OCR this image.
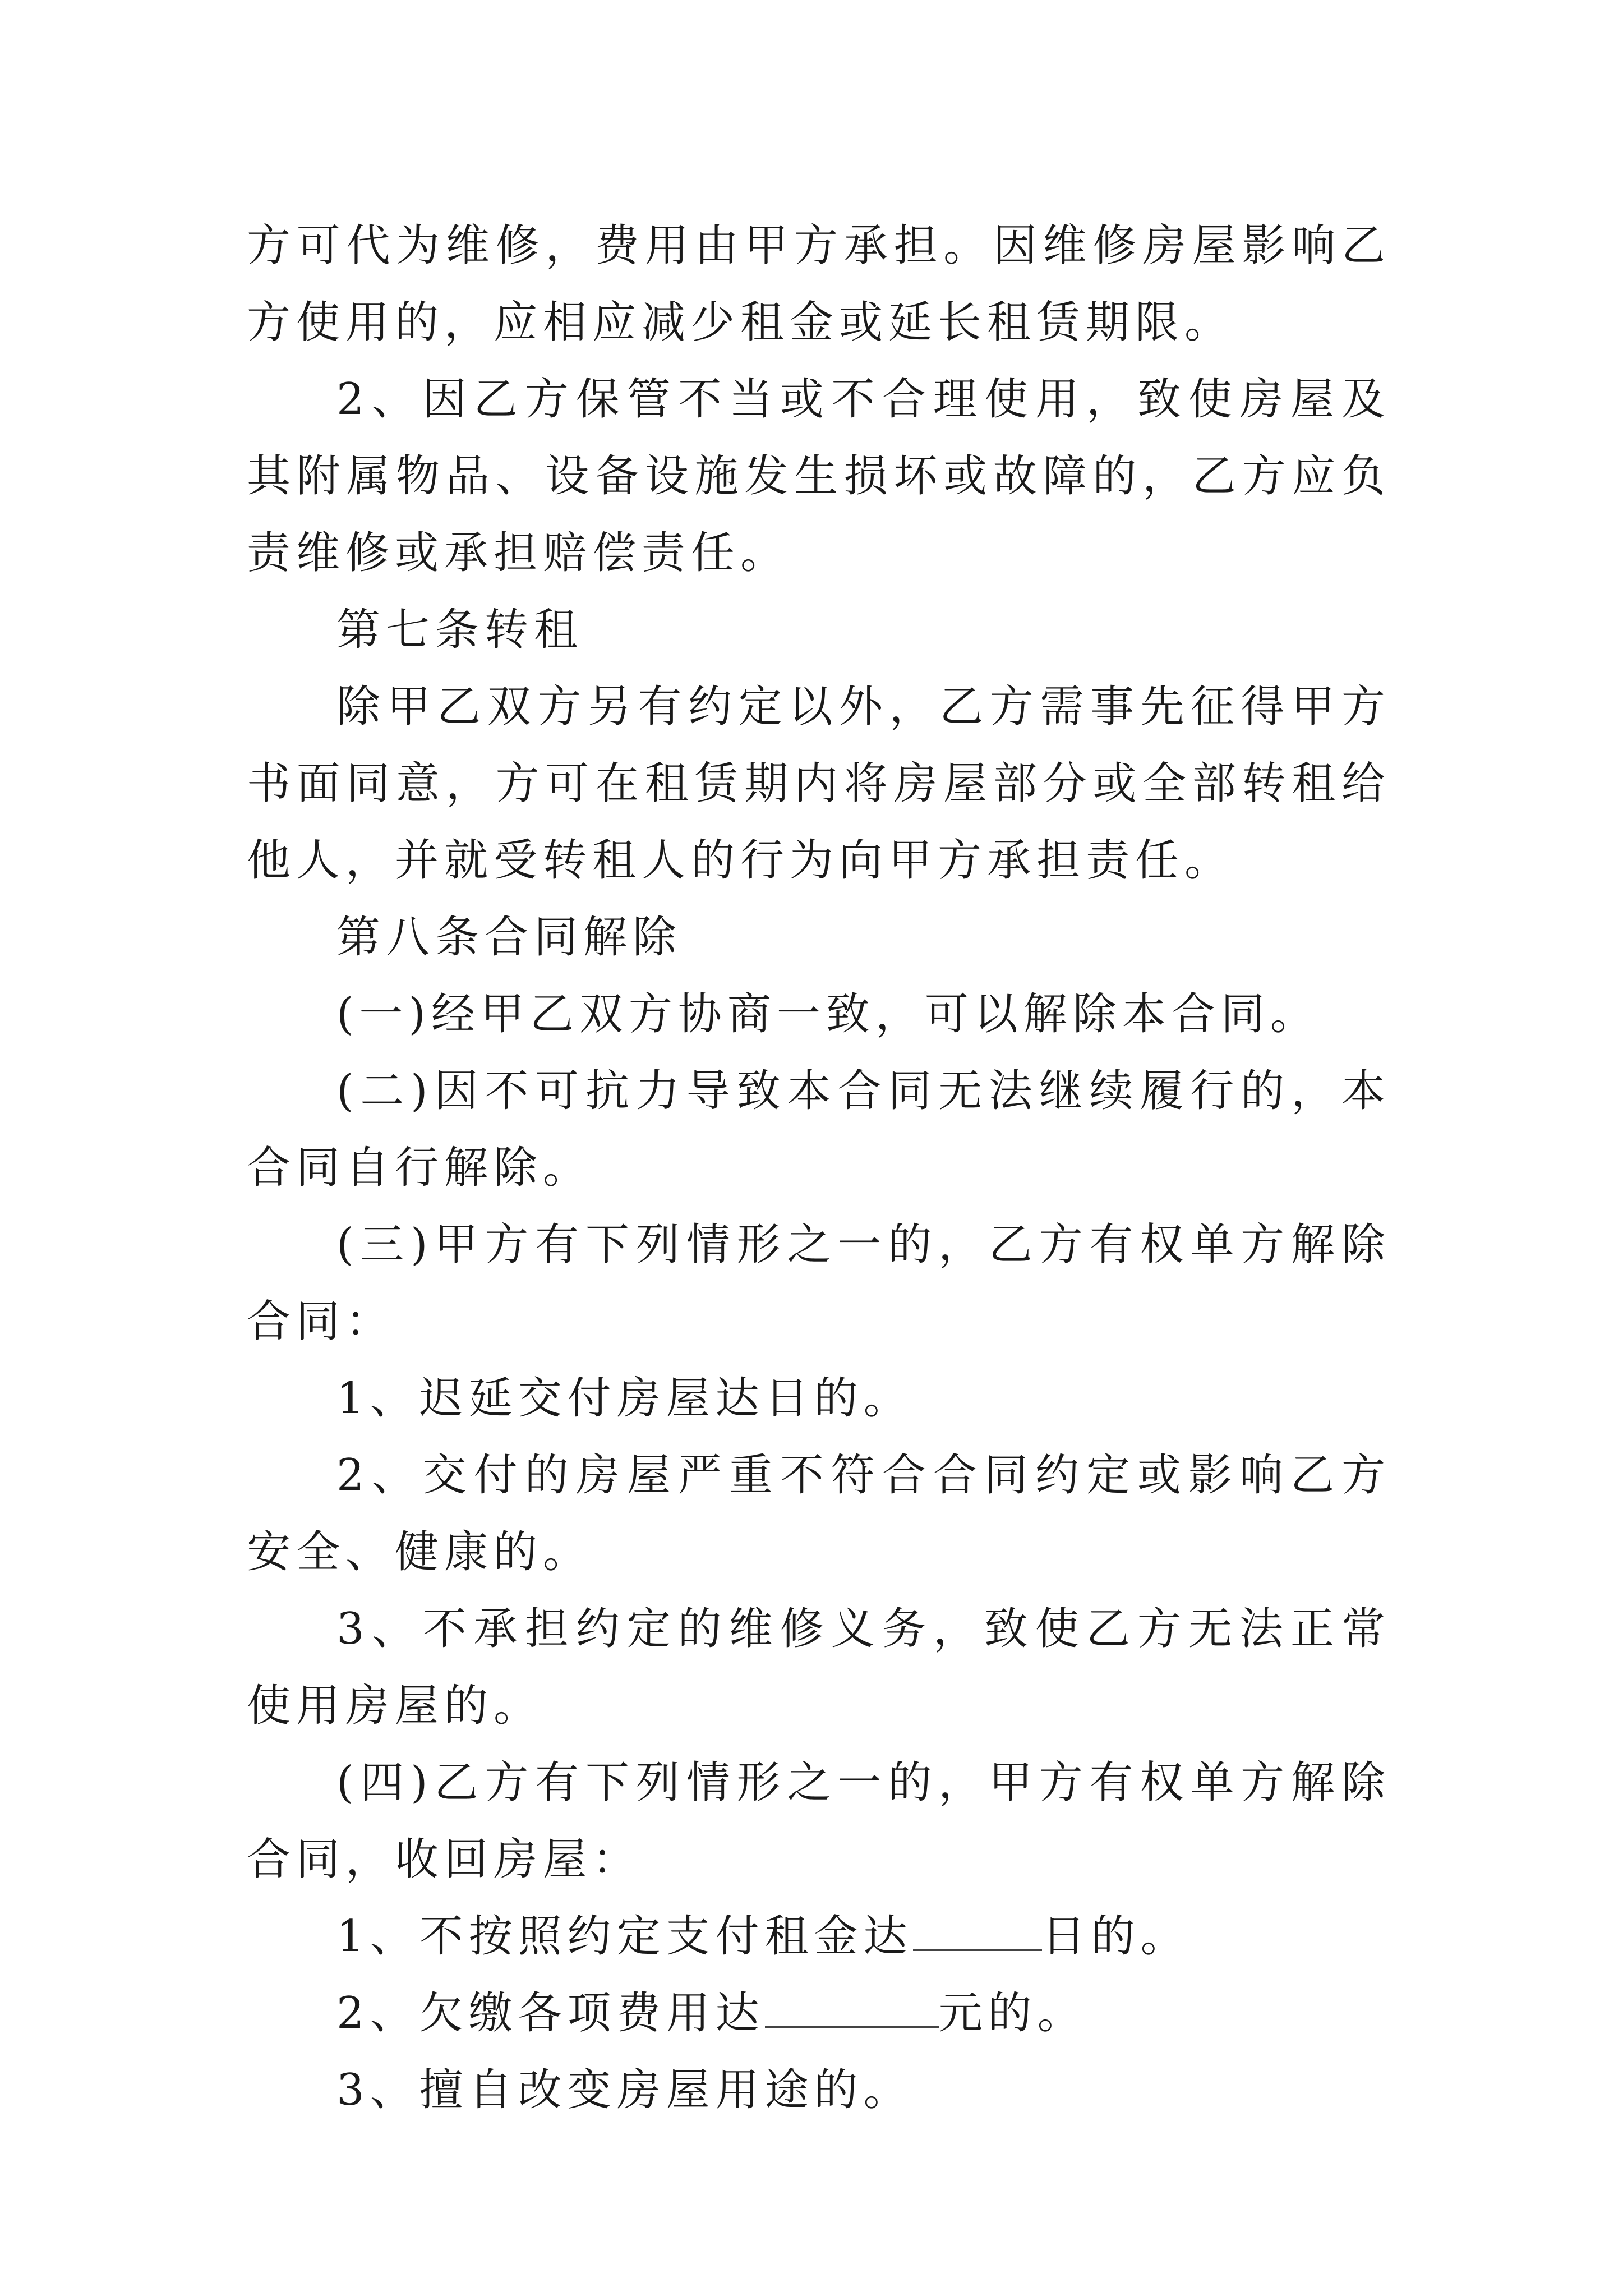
方可代为维修，费用由甲方承担。因维修房屋影响乙方使用的，应相应减少租金或延长租赁期限。

2、因乙方保管不当或不合理使用，致使房屋及其附属物品、设备设施发生损坏或故障的，乙方应负责维修或承担赔偿责任。

第七条转租

除甲乙双方另有约定以外，乙方需事先征得甲方书面同意，方可在租赁期内将房屋部分或全部转租给他人，并就受转租人的行为向甲方承担责任。

第八条合同解除

(一)经甲乙双方协商一致，可以解除本合同。

(二)因不可抗力导致本合同无法继续履行的，本合同自行解除。

(三)甲方有下列情形之一的，乙方有权单方解除合同：

1、迟延交付房屋达日的。

2、交付的房屋严重不符合合同约定或影响乙方安全、健康的。

3、不承担约定的维修义务，致使乙方无法正常使用房屋的。

(四)乙方有下列情形之一的，甲方有权单方解除合同，收回房屋：

1、不按照约定支付租金达	日的。

2、欠缴各项费用达	元的。

3、擅自改变房屋用途的。
